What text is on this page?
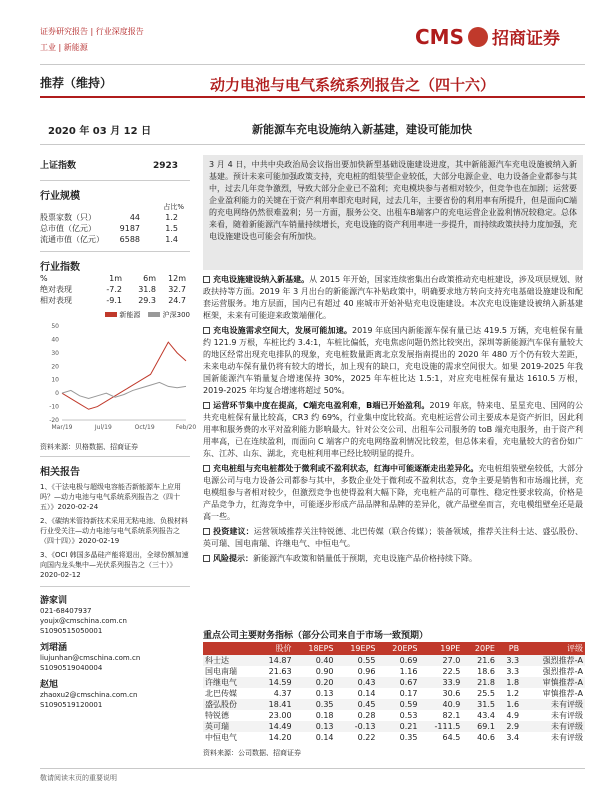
证券研究报告 | 行业深度报告
工业 | 新能源	CMS 招商证券
推荐（维持）	动力电池与电气系统系列报告之（四十六）
2020 年 03 月 12 日	新能源车充电设施纳入新基建，建设可能加快
上证指数	2923
行业规模
占比%
股票家数（只）	44	1.2
总市值（亿元）	9187	1.5
流通市值（亿元）	6588	1.4
行业指数
%	1m	6m	12m
绝对表现	-7.2	31.8	32.7
相对表现	-9.1	29.3	24.7
新能源	沪深300
50
40
30
20
10
0
-10
-20
Mar/19	Jul/19	Oct/19	Feb/20
资料来源：贝格数据、招商证券
相关报告
1、《干法电极与超级电容能否新能源车上应用吗？—动力电池与电气系统系列报告之（四十五）》2020-02-24
2、《碳纳米管持新技术采用无粘电池、负极材料行业受关注—动力电池与电气系统系列报告之（四十四）》2020-02-19
3、《OCI 韩国多晶硅产能将退出，全球份额加速向国内龙头集中—光伏系列报告之（三十）》2020-02-12
游家训
021-68407937
youjx@cmschina.com.cn
S1090515050001
刘珺涵
liujunhan@cmschina.com.cn
S1090519040004
赵旭
zhaoxu2@cmschina.com.cn
S1090519120001
3 月 4 日，中共中央政治局会议指出要加快新型基础设施建设进度，其中新能源汽车充电设施被纳入新基建。预计未来可能加强政策支持，充电桩的组装型企业较低，大部分电源企业、电力设备企业都参与其中，过去几年竞争激烈，导致大部分企业已不盈利；充电模块参与者相对较少，但竞争也在加剧；运营要企业盈利能力的关键在于资产利用率即充电时间，过去几年，主要省份的利用率有所提升，但是面向C端的充电网络仍然很难盈利；另一方面，服务公交、出租车B端客户的充电运营企业盈利情况较稳定。总体来看，随着新能源汽车销量持续增长，充电设施的资产利用率进一步提升，而持续政策扶持力度加强，充电设施建设也可能会有所加快。
充电设施建设纳入新基建。从 2015 年开始，国家连续密集出台政策推动充电桩建设，涉及项层规划、财政扶持等方面。2019 年 3 月出台的新能源汽车补贴政策中，明确要求地方转向支持充电基础设施建设和配套运营服务。地方层面，国内已有超过 40 座城市开始补贴充电设施建设。本次充电设施建设被纳入新基建框架，未来有可能迎来政策端催化。
充电设施需求空间大，发展可能加速。2019 年底国内新能源车保有量已达 419.5 万辆，充电桩保有量约 121.9 万根，车桩比约 3.4:1，车桩比偏低，充电焦虑问题仍然比较突出，深圳等新能源汽车保有量较大的地区经常出现充电排队的现象，充电桩数量距离北京发展指南提出的 2020 年 480 万个仍有较大差距，未来电动车保有量仍将有较大的增长，加上现有的缺口，充电设施的需求空间很大。如果 2019-2025 年我国新能源汽车销量复合增速保持 30%，2025 年车桩比达 1.5:1，对应充电桩保有量达 1610.5 万根，2019-2025 年均复合增速将超过 50%。
运营环节集中度在提高，C端充电盈利难，B端已开始盈利。2019 年底，特来电、星星充电、国网的公共充电桩保有量比较高，CR3 约 69%，行业集中度比较高。充电桩运营公司主要成本是资产折旧，因此利用率和服务费的水平对盈利能力影响最大。针对公交公司、出租车公司服务的 toB 端充电服务，由于资产利用率高，已在连续盈利，而面向 C 端客户的充电网络盈利情况比较差，但总体来看，充电量较大的省份如广东、江苏、山东、湖北，充电桩利用率已经比较明显的提升。
充电桩组与充电桩都处于微利或不盈利状态，红海中可能逐渐走出差异化。充电桩组装壁垒较低，大部分电源公司与电力设备公司都参与其中，多数企业处于微利或不盈利状态，竞争主要是销售和市场端比拼，充电模组参与者相对较少，但激烈竞争也使得盈利大幅下降，充电桩产品的可靠性、稳定性要求较高，价格是产品竞争力，红海竞争中，可能逐步形成产品品牌和品牌的差异化，就产品壁垒而言，充电模组壁垒还是最高一些。
投资建议：运营领域推荐关注特锐德、北巴传媒（联合传媒）；装备领域，推荐关注科士达、盛弘股份、英可瑞、国电南瑞、许继电气、中恒电气。
风险提示：新能源汽车政策和销量低于预期，充电设施产品价格持续下降。
重点公司主要财务指标（部分公司来自于市场一致预期）
	股价	18EPS	19EPS	20EPS	19PE	20PE	PB	评级
科士达	14.87	0.40	0.55	0.69	27.0	21.6	3.3	强烈推荐-A
国电南瑞	21.63	0.90	0.96	1.16	22.5	18.6	3.3	强烈推荐-A
许继电气	14.59	0.20	0.43	0.67	33.9	21.8	1.8	审慎推荐-A
北巴传媒	4.37	0.13	0.14	0.17	30.6	25.5	1.2	审慎推荐-A
盛弘股份	18.41	0.35	0.45	0.59	40.9	31.5	1.6	未有评级
特锐德	23.00	0.18	0.28	0.53	82.1	43.4	4.9	未有评级
英可瑞	14.49	0.13	-0.13	0.21	-111.5	69.1	2.9	未有评级
中恒电气	14.20	0.14	0.22	0.35	64.5	40.6	3.4	未有评级
资料来源：公司数据、招商证券
敬请阅读末页的重要说明
